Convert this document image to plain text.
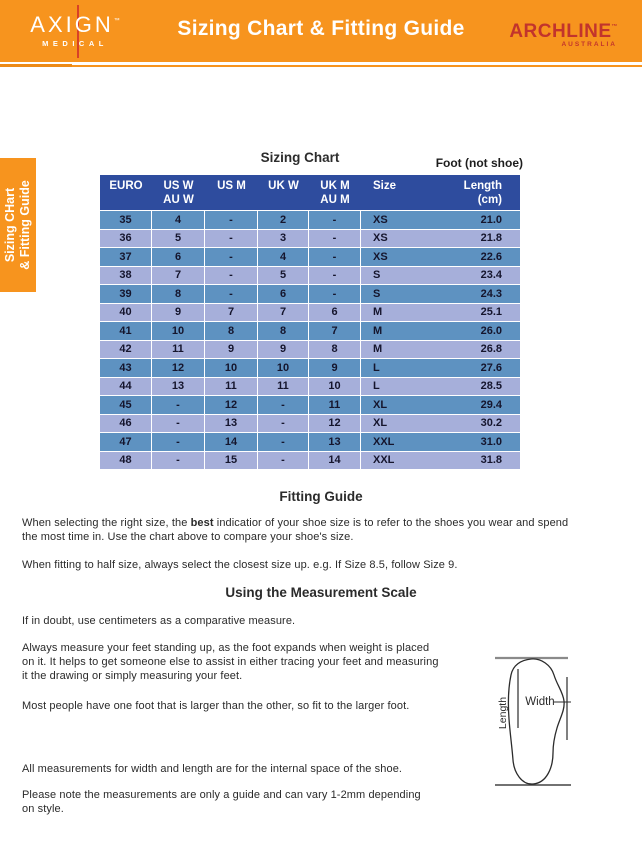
AXIGN™
MEDICAL
Sizing Chart & Fitting Guide	ARCHLINE™
AUSTRALIA
Sizing CHart
& Fitting Guide
Sizing Chart	Foot (not shoe)
EURO	US W
AU W
US M	UK W	UK M
AU M
Size	Length
(cm)
35	4	-	2	-	XS	21.0
36	5	-	3	-	XS	21.8
37	6	-	4	-	XS	22.6
38	7	-	5	-	S	23.4
39	8	-	6	-	S	24.3
40	9	7	7	6	M	25.1
41	10	8	8	7	M	26.0
42	11	9	9	8	M	26.8
43	12	10	10	9	L	27.6
44	13	11	11	10	L	28.5
45	-	12	-	11	XL	29.4
46	-	13	-	12	XL	30.2
47	-	14	-	13	XXL	31.0
48	-	15	-	14	XXL	31.8
Fitting Guide

When selecting the right size, the best indicatior of your shoe size is to refer to the shoes you wear and spend
the most time in. Use the chart above to compare your shoe's size.

When fitting to half size, always select the closest size up. e.g. If Size 8.5, follow Size 9.

Using the Measurement Scale

If in doubt, use centimeters as a comparative measure.

Always measure your feet standing up, as the foot expands when weight is placed
on it. It helps to get someone else to assist in either tracing your feet and measuring
it the drawing or simply measuring your feet.

Most people have one foot that is larger than the other, so fit to the larger foot.

All measurements for width and length are for the internal space of the shoe.

Please note the measurements are only a guide and can vary 1-2mm depending
on style.

Width
Length
